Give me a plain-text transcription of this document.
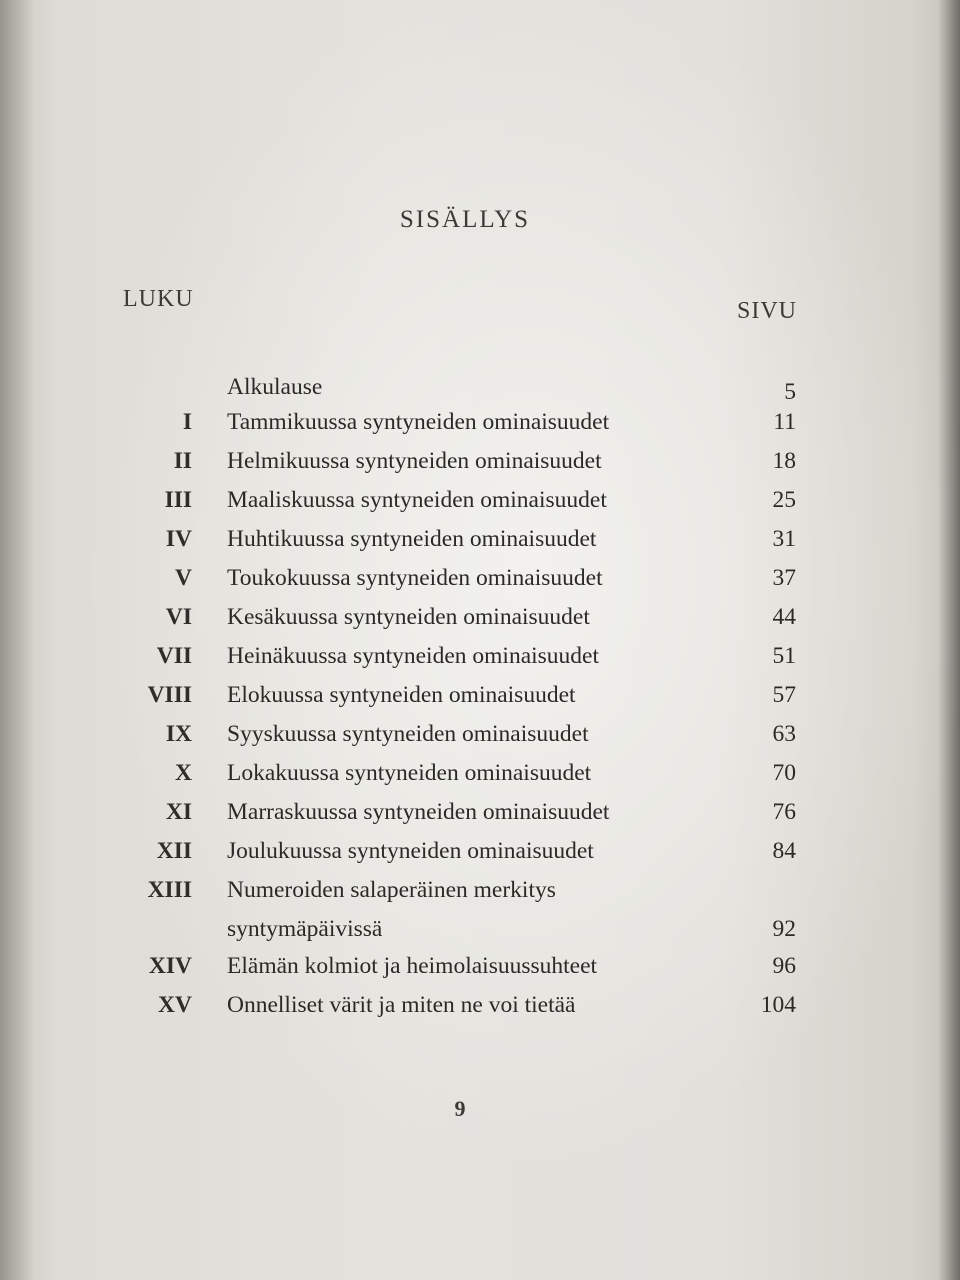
SISÄLLYS
LUKU	SIVU
Alkulause	5
I Tammikuussa syntyneiden ominaisuudet	11
II Helmikuussa syntyneiden ominaisuudet	18
III Maaliskuussa syntyneiden ominaisuudet	25
IV Huhtikuussa syntyneiden ominaisuudet	31
V Toukokuussa syntyneiden ominaisuudet	37
VI Kesäkuussa syntyneiden ominaisuudet	44
VII Heinäkuussa syntyneiden ominaisuudet	51
VIII Elokuussa syntyneiden ominaisuudet	57
IX Syyskuussa syntyneiden ominaisuudet	63
X Lokakuussa syntyneiden ominaisuudet	70
XI Marraskuussa syntyneiden ominaisuudet	76
XII Joulukuussa syntyneiden ominaisuudet	84
XIII Numeroiden salaperäinen merkitys
syntymäpäivissä	92
XIV Elämän kolmiot ja heimolaisuussuhteet	96
XV Onnelliset värit ja miten ne voi tietää	104
9
